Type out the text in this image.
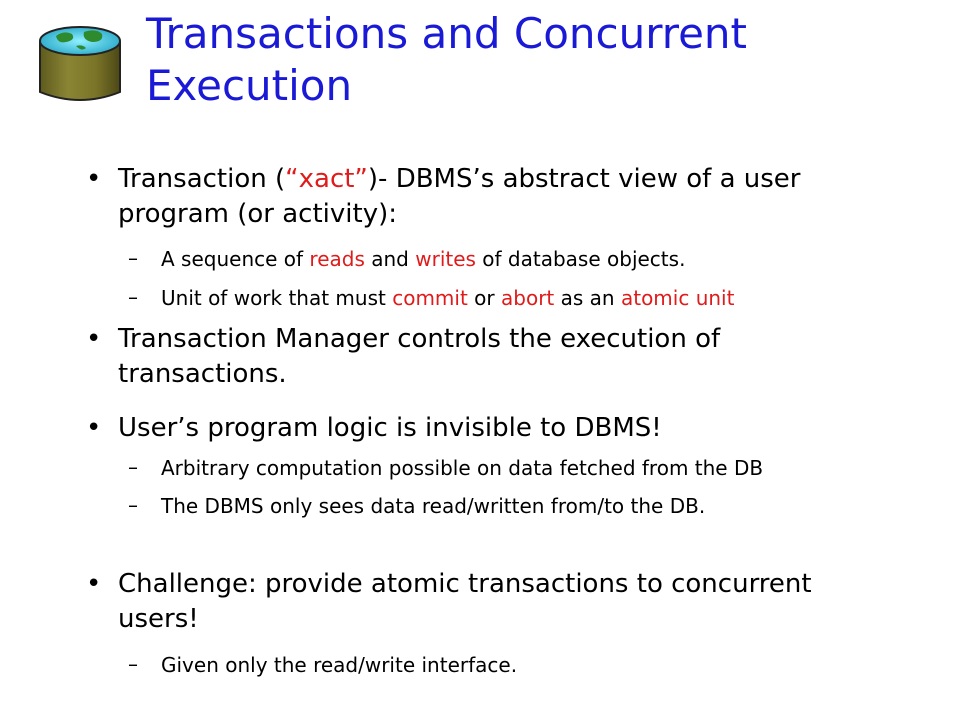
Transactions and Concurrent
Execution
• Transaction (“xact”)- DBMS’s abstract view of a user
program (or activity):
– A sequence of reads and writes of database objects.
– Unit of work that must commit or abort as an atomic unit
• Transaction Manager controls the execution of
transactions.
• User’s program logic is invisible to DBMS!
– Arbitrary computation possible on data fetched from the DB
– The DBMS only sees data read/written from/to the DB.
• Challenge: provide atomic transactions to concurrent
users!
– Given only the read/write interface.
